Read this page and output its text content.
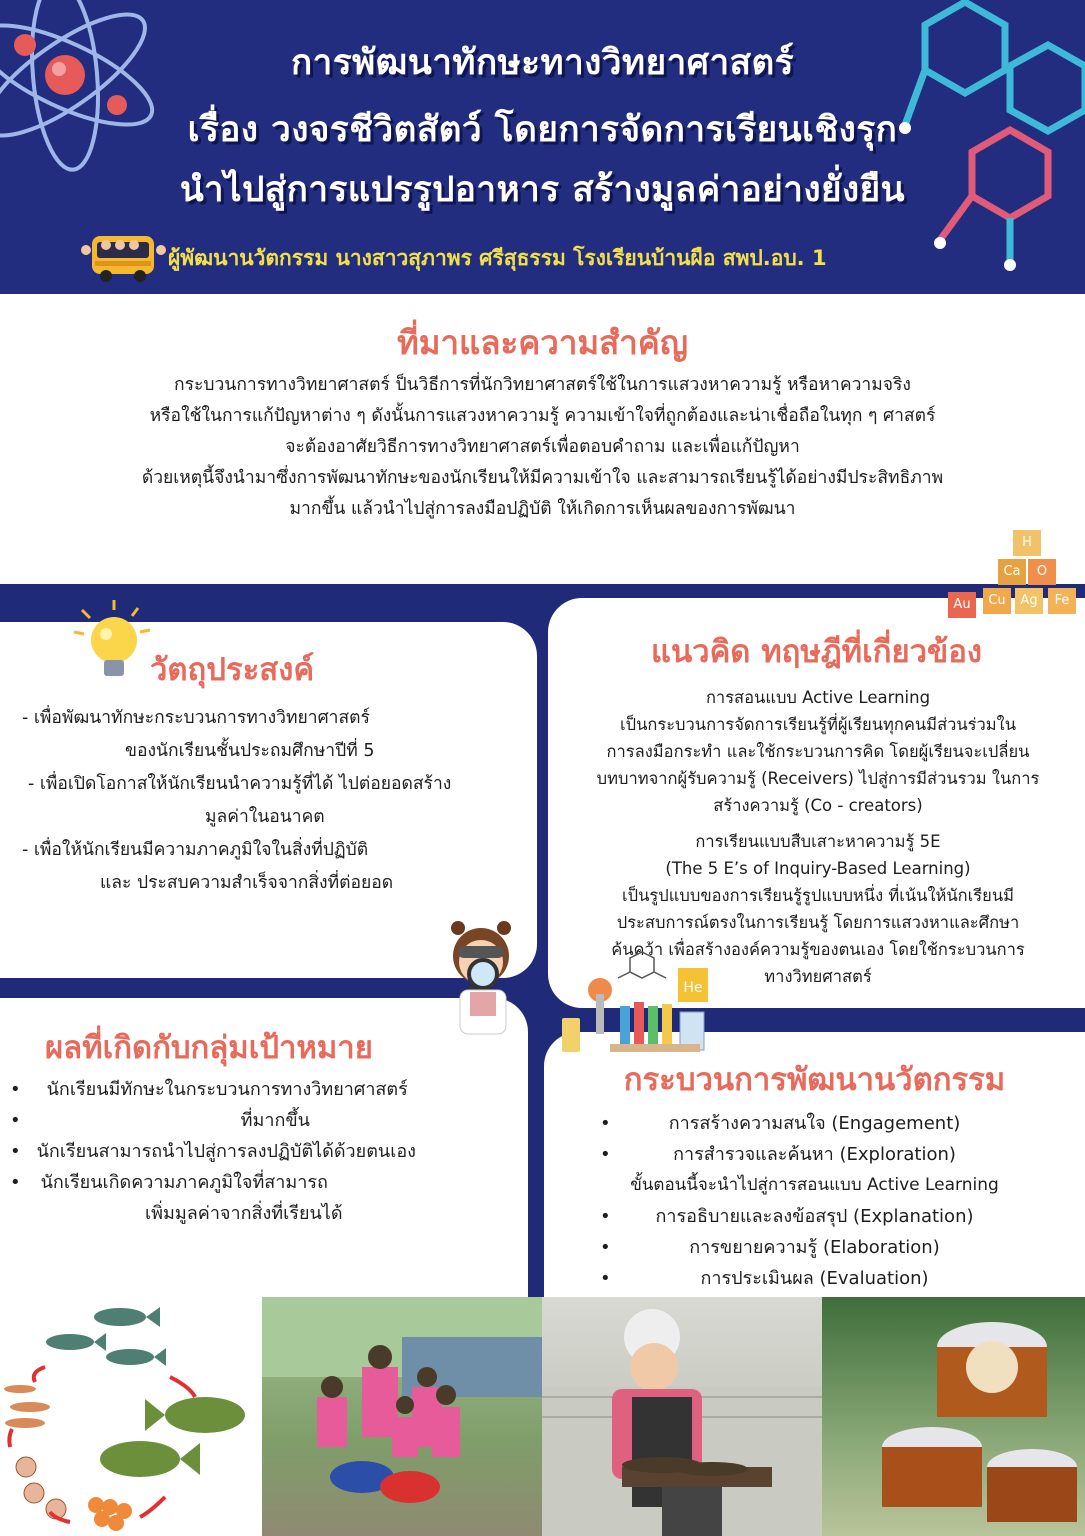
การพัฒนาทักษะทางวิทยาศาสตร์
เรื่อง วงจรชีวิตสัตว์ โดยการจัดการเรียนเชิงรุก
นำไปสู่การแปรรูปอาหาร สร้างมูลค่าอย่างยั่งยืน
ผู้พัฒนานวัตกรรม นางสาวสุภาพร ศรีสุธรรม โรงเรียนบ้านผือ สพป.อบ. 1
ที่มาและความสำคัญ
กระบวนการทางวิทยาศาสตร์ ป็นวิธีการที่นักวิทยาศาสตร์ใช้ในการแสวงหาความรู้ หรือหาความจริง
หรือใช้ในการแก้ปัญหาต่าง ๆ ดังนั้นการแสวงหาความรู้ ความเข้าใจที่ถูกต้องและน่าเชื่อถือในทุก ๆ ศาสตร์
จะต้องอาศัยวิธีการทางวิทยาศาสตร์เพื่อตอบคำถาม และเพื่อแก้ปัญหา
ด้วยเหตุนี้จึงนำมาซึ่งการพัฒนาทักษะของนักเรียนให้มีความเข้าใจ และสามารถเรียนรู้ได้อย่างมีประสิทธิภาพ
มากขึ้น แล้วนำไปสู่การลงมือปฏิบัติ ให้เกิดการเห็นผลของการพัฒนา
วัตถุประสงค์
- เพื่อพัฒนาทักษะกระบวนการทางวิทยาศาสตร์
ของนักเรียนชั้นประถมศึกษาปีที่ 5
- เพื่อเปิดโอกาสให้นักเรียนนำความรู้ที่ได้ ไปต่อยอดสร้าง
มูลค่าในอนาคต
- เพื่อให้นักเรียนมีความภาคภูมิใจในสิ่งที่ปฏิบัติ
และ ประสบความสำเร็จจากสิ่งที่ต่อยอด
แนวคิด ทฤษฎีที่เกี่ยวข้อง
การสอนแบบ Active Learning
เป็นกระบวนการจัดการเรียนรู้ที่ผู้เรียนทุกคนมีส่วนร่วมใน
การลงมือกระทำ และใช้กระบวนการคิด โดยผู้เรียนจะเปลี่ยน
บทบาทจากผู้รับความรู้ (Receivers) ไปสู่การมีส่วนรวม ในการ
สร้างความรู้ (Co - creators)
การเรียนแบบสืบเสาะหาความรู้ 5E
(The 5 E’s of Inquiry-Based Learning)
เป็นรูปแบบของการเรียนรู้รูปแบบหนึ่ง ที่เน้นให้นักเรียนมี
ประสบการณ์ตรงในการเรียนรู้ โดยการแสวงหาและศึกษา
ค้นคว้า เพื่อสร้างองค์ความรู้ของตนเอง โดยใช้กระบวนการ
ทางวิทยศาสตร์
H
Ca	O
Au	Cu	Ag	Fe
ผลที่เกิดกับกลุ่มเป้าหมาย
• นักเรียนมีทักษะในกระบวนการทางวิทยาศาสตร์
•	ที่มากขึ้น
• นักเรียนสามารถนำไปสู่การลงปฏิบัติได้ด้วยตนเอง
• นักเรียนเกิดความภาคภูมิใจที่สามารถ
เพิ่มมูลค่าจากสิ่งที่เรียนได้
กระบวนการพัฒนานวัตกรรม
•	การสร้างความสนใจ (Engagement)
•	การสำรวจและค้นหา (Exploration)
ขั้นตอนนี้จะนำไปสู่การสอนแบบ Active Learning
• การอธิบายและลงข้อสรุป (Explanation)
•	การขยายความรู้ (Elaboration)
•	การประเมินผล (Evaluation)
He
